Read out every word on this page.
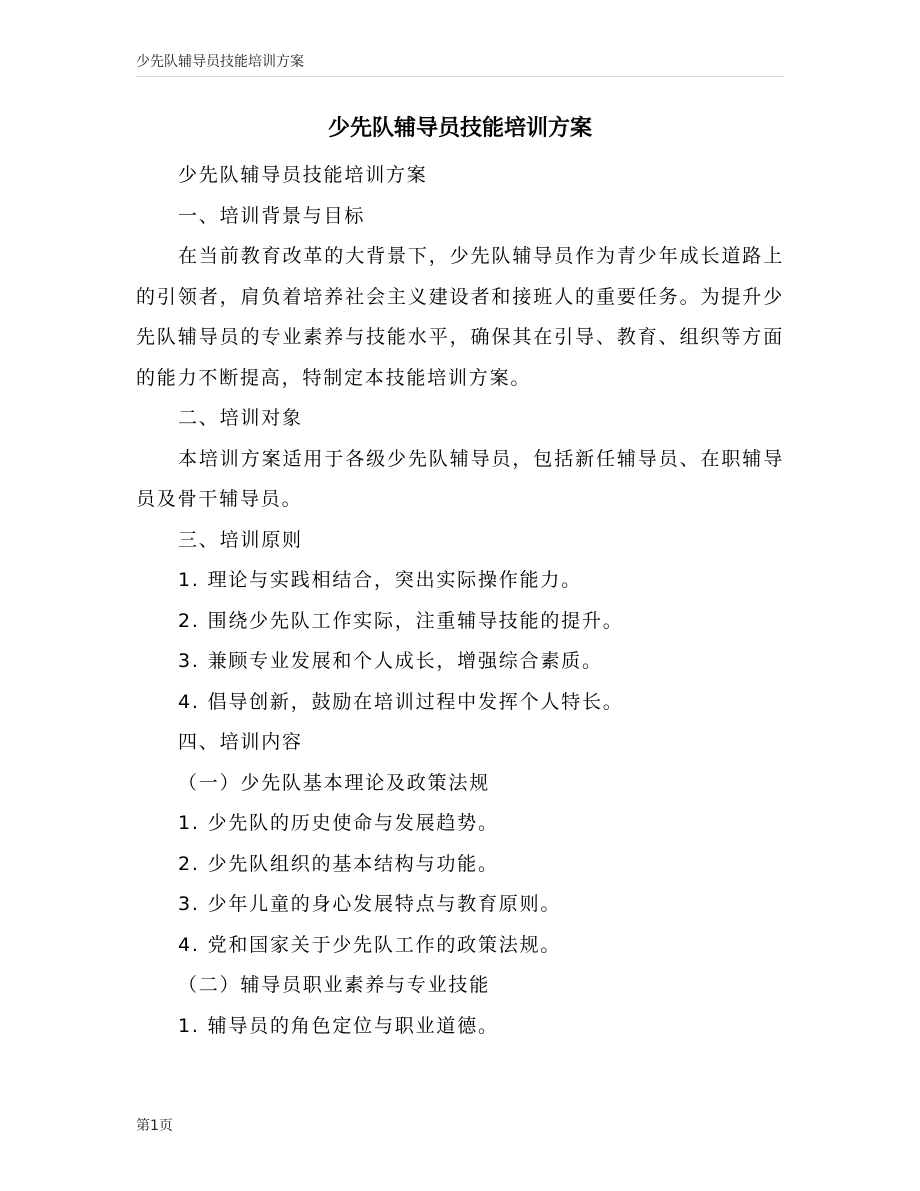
少先队辅导员技能培训方案
少先队辅导员技能培训方案

少先队辅导员技能培训方案

一、培训背景与目标

在当前教育改革的大背景下，少先队辅导员作为青少年成长道路上的引领者，肩负着培养社会主义建设者和接班人的重要任务。为提升少先队辅导员的专业素养与技能水平，确保其在引导、教育、组织等方面的能力不断提高，特制定本技能培训方案。

二、培训对象

本培训方案适用于各级少先队辅导员，包括新任辅导员、在职辅导员及骨干辅导员。

三、培训原则

1. 理论与实践相结合，突出实际操作能力。

2. 围绕少先队工作实际，注重辅导技能的提升。

3. 兼顾专业发展和个人成长，增强综合素质。

4. 倡导创新，鼓励在培训过程中发挥个人特长。

四、培训内容

（一）少先队基本理论及政策法规

1. 少先队的历史使命与发展趋势。

2. 少先队组织的基本结构与功能。

3. 少年儿童的身心发展特点与教育原则。

4. 党和国家关于少先队工作的政策法规。

（二）辅导员职业素养与专业技能

1. 辅导员的角色定位与职业道德。

第1页
